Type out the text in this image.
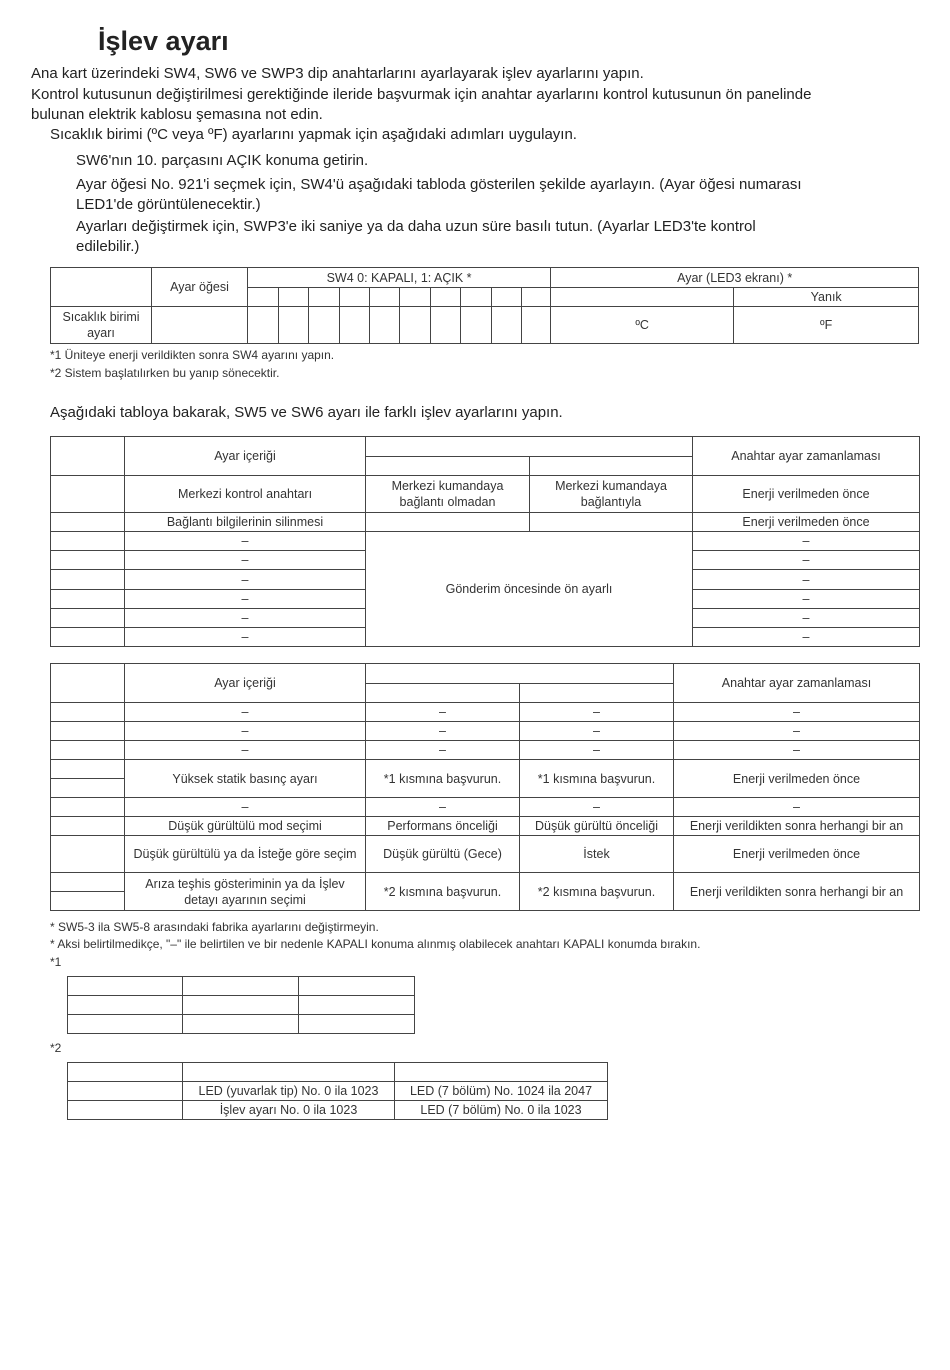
İşlev ayarı

Ana kart üzerindeki SW4, SW6 ve SWP3 dip anahtarlarını ayarlayarak işlev ayarlarını yapın.

Kontrol kutusunun değiştirilmesi gerektiğinde ileride başvurmak için anahtar ayarlarını kontrol kutusunun ön panelinde

bulunan elektrik kablosu şemasına not edin.

Sıcaklık birimi (ºC veya ºF) ayarlarını yapmak için aşağıdaki adımları uygulayın.

SW6'nın 10. parçasını AÇIK konuma getirin.

Ayar öğesi No. 921'i seçmek için, SW4'ü aşağıdaki tabloda gösterilen şekilde ayarlayın. (Ayar öğesi numarası

LED1'de görüntülenecektir.)

Ayarları değiştirmek için, SWP3'e iki saniye ya da daha uzun süre basılı tutun. (Ayarlar LED3'te kontrol

edilebilir.)

	Ayar öğesi	SW4 0: KAPALI, 1: AÇIK *										Ayar (LED3 ekranı) *	
													Yanık
Sıcaklık birimi ayarı												ºC	ºF

*1 Üniteye enerji verildikten sonra SW4 ayarını yapın.

*2 Sistem başlatılırken bu yanıp sönecektir.

Aşağıdaki tabloya bakarak, SW5 ve SW6 ayarı ile farklı işlev ayarlarını yapın.

	Ayar içeriği			Anahtar ayar zamanlaması

	Merkezi kontrol anahtarı	Merkezi kumandaya bağlantı olmadan	Merkezi kumandaya bağlantıyla	Enerji verilmeden önce
	Bağlantı bilgilerinin silinmesi			Enerji verilmeden önce
	–	Gönderim öncesinde ön ayarlı		–
	–			–
	–			–
	–			–
	–			–
	–			–
	Ayar içeriği			Anahtar ayar zamanlaması

	–	–	–	–
	–	–	–	–
	–	–	–	–
	Yüksek statik basınç ayarı	*1 kısmına başvurun.	*1 kısmına başvurun.	Enerji verilmeden önce

	–	–	–	–
	Düşük gürültülü mod seçimi	Performans önceliği	Düşük gürültü önceliği	Enerji verildikten sonra herhangi bir an
	Düşük gürültülü ya da İsteğe göre seçim	Düşük gürültü (Gece)	İstek	Enerji verilmeden önce
	Arıza teşhis gösteriminin ya da İşlev detayı ayarının seçimi	*2 kısmına başvurun.	*2 kısmına başvurun.	Enerji verildikten sonra herhangi bir an

* SW5-3 ila SW5-8 arasındaki fabrika ayarlarını değiştirmeyin.

* Aksi belirtilmedikçe, "–" ile belirtilen ve bir nedenle KAPALI konuma alınmış olabilecek anahtarı KAPALI konumda bırakın.

*1

*2

	LED (yuvarlak tip) No. 0 ila 1023	LED (7 bölüm) No. 1024 ila 2047
	İşlev ayarı No. 0 ila 1023	LED (7 bölüm) No. 0 ila 1023
